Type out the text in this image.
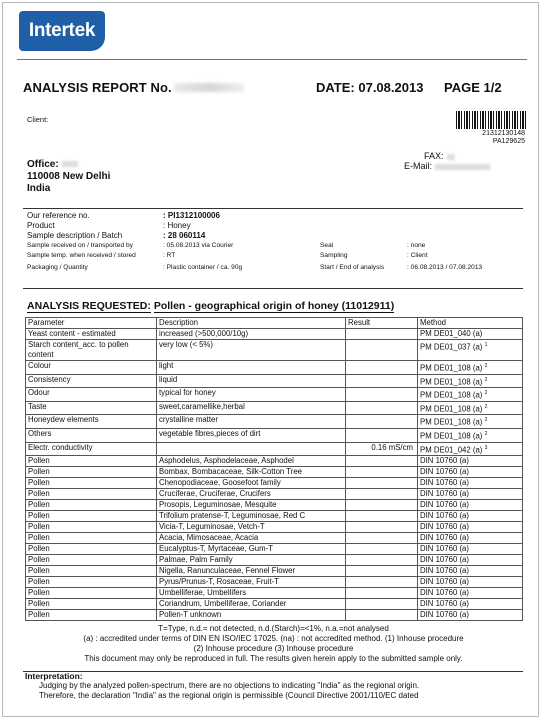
Intertek
ANALYSIS REPORT No.	DATE: 07.08.2013 PAGE 1/2
Client:
21312130148
PA129625
FAX:
E-Mail:

Office:
110008 New Delhi
India
Our reference no.	: PI1312100006
Product	: Honey
Sample description / Batch	: 28 060114
Sample received on / transported by	: 05.08.2013 via Courier	Seal	: none
Sample temp. when received / stored	: RT	Sampling	: Client
Packaging / Quantity	: Plastic container / ca. 90g	Start / End of analysis	: 06.08.2013 / 07.08.2013
ANALYSIS REQUESTED: Pollen - geographical origin of honey (11012911)
Parameter	Description	Result	Method
Yeast content - estimated	increased (>500,000/10g)		PM DE01_040 (a)
Starch content_acc. to pollen content	very low (< 5%)		PM DE01_037 (a) $^1$
Colour	light		PM DE01_108 (a) $^2$
Consistency	liquid		PM DE01_108 (a) $^2$
Odour	typical for honey		PM DE01_108 (a) $^2$
Taste	sweet,caramellike,herbal		PM DE01_108 (a) $^2$
Honeydew elements	crystalline matter		PM DE01_108 (a) $^2$
Others	vegetable fibres,pieces of dirt		PM DE01_108 (a) $^2$
Electr. conductivity		0.16 mS/cm	PM DE01_042 (a) $^3$
Pollen	Asphodelus, Asphodelaceae, Asphodel		DIN 10760 (a)
Pollen	Bombax, Bombacaceae, Silk-Cotton Tree		DIN 10760 (a)
Pollen	Chenopodiaceae, Goosefoot family		DIN 10760 (a)
Pollen	Cruciferae, Cruciferae, Crucifers		DIN 10760 (a)
Pollen	Prosopis, Leguminosae, Mesquite		DIN 10760 (a)
Pollen	Trifolium pratense-T, Leguminosae, Red C		DIN 10760 (a)
Pollen	Vicia-T, Leguminosae, Vetch-T		DIN 10760 (a)
Pollen	Acacia, Mimosaceae, Acacia		DIN 10760 (a)
Pollen	Eucalyptus-T, Myrtaceae, Gum-T		DIN 10760 (a)
Pollen	Palmae, Palm Family		DIN 10760 (a)
Pollen	Nigella, Ranunculaceae, Fennel Flower		DIN 10760 (a)
Pollen	Pyrus/Prunus-T, Rosaceae, Fruit-T		DIN 10760 (a)
Pollen	Umbelliferae, Umbellifers		DIN 10760 (a)
Pollen	Coriandrum, Umbelliferae, Coriander		DIN 10760 (a)
Pollen	Pollen-T unknown		DIN 10760 (a)
T=Type, n.d.= not detected, n.d.(Starch)=<1%, n.a.=not analysed
(a) : accredited under terms of DIN EN ISO/IEC 17025. (na) : not accredited method. (1) Inhouse procedure
(2) Inhouse procedure (3) Inhouse procedure
This document may only be reproduced in full. The results given herein apply to the submitted sample only.
Interpretation:

Judging by the analyzed pollen-spectrum, there are no objections to indicating "India" as the regional origin.

Therefore, the declaration "India" as the regional origin is permissible (Council Directive 2001/110/EC dated
